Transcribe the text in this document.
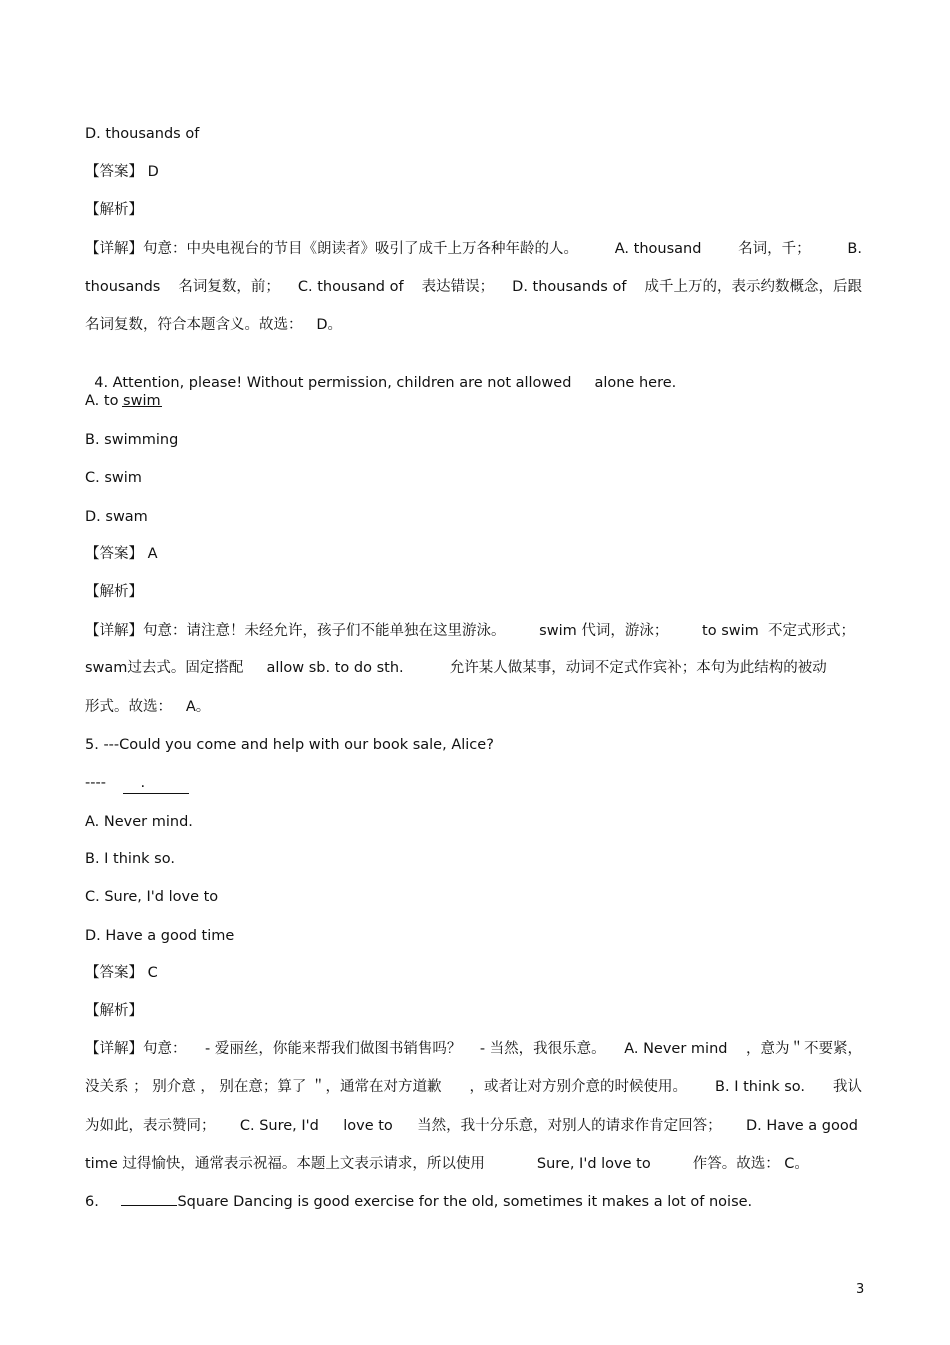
D. thousands of
【答案】 D
【解析】
【详解】句意：中央电视台的节目《朗读者》吸引了成千上万各种年龄的人。	A. thousand	名词，千；	B.
thousands 名词复数，前； C. thousand of 表达错误； D. thousands of 成千上万的，表示约数概念，后跟
名词复数，符合本题含义。故选：   D。

4. Attention, please! Without permission, children are not allowed     alone here.

A. to swim
B. swimming
C. swim
D. swam
【答案】 A
【解析】
【详解】句意：请注意！未经允许，孩子们不能单独在这里游泳。 swim 代词，游泳； to swim  不定式形式；
swam过去式。固定搭配     allow sb. to do sth.          允许某人做某事，动词不定式作宾补；本句为此结构的被动
形式。故选：   A。
5. ---Could you come and help with our book sale, Alice?
---- .
A. Never mind.
B. I think so.
C. Sure, I'd love to
D. Have a good time
【答案】 C
【解析】
【详解】句意： - 爱丽丝，你能来帮我们做图书销售吗？ - 当然，我很乐意。 A. Never mind ，意为＂不要紧，
没关系 ； 别介意 ， 别在意；算了 ＂，通常在对方道歉 ，或者让对方别介意的时候使用。 B. I think so. 我认
为如此，表示赞同； C. Sure, I'd love to 当然，我十分乐意，对别人的请求作肯定回答； D. Have a good
time 过得愉快，通常表示祝福。本题上文表示请求，所以使用	Sure, I'd love to	作答。故选： C。
6.	Square Dancing is good exercise for the old, sometimes it makes a lot of noise.
3
